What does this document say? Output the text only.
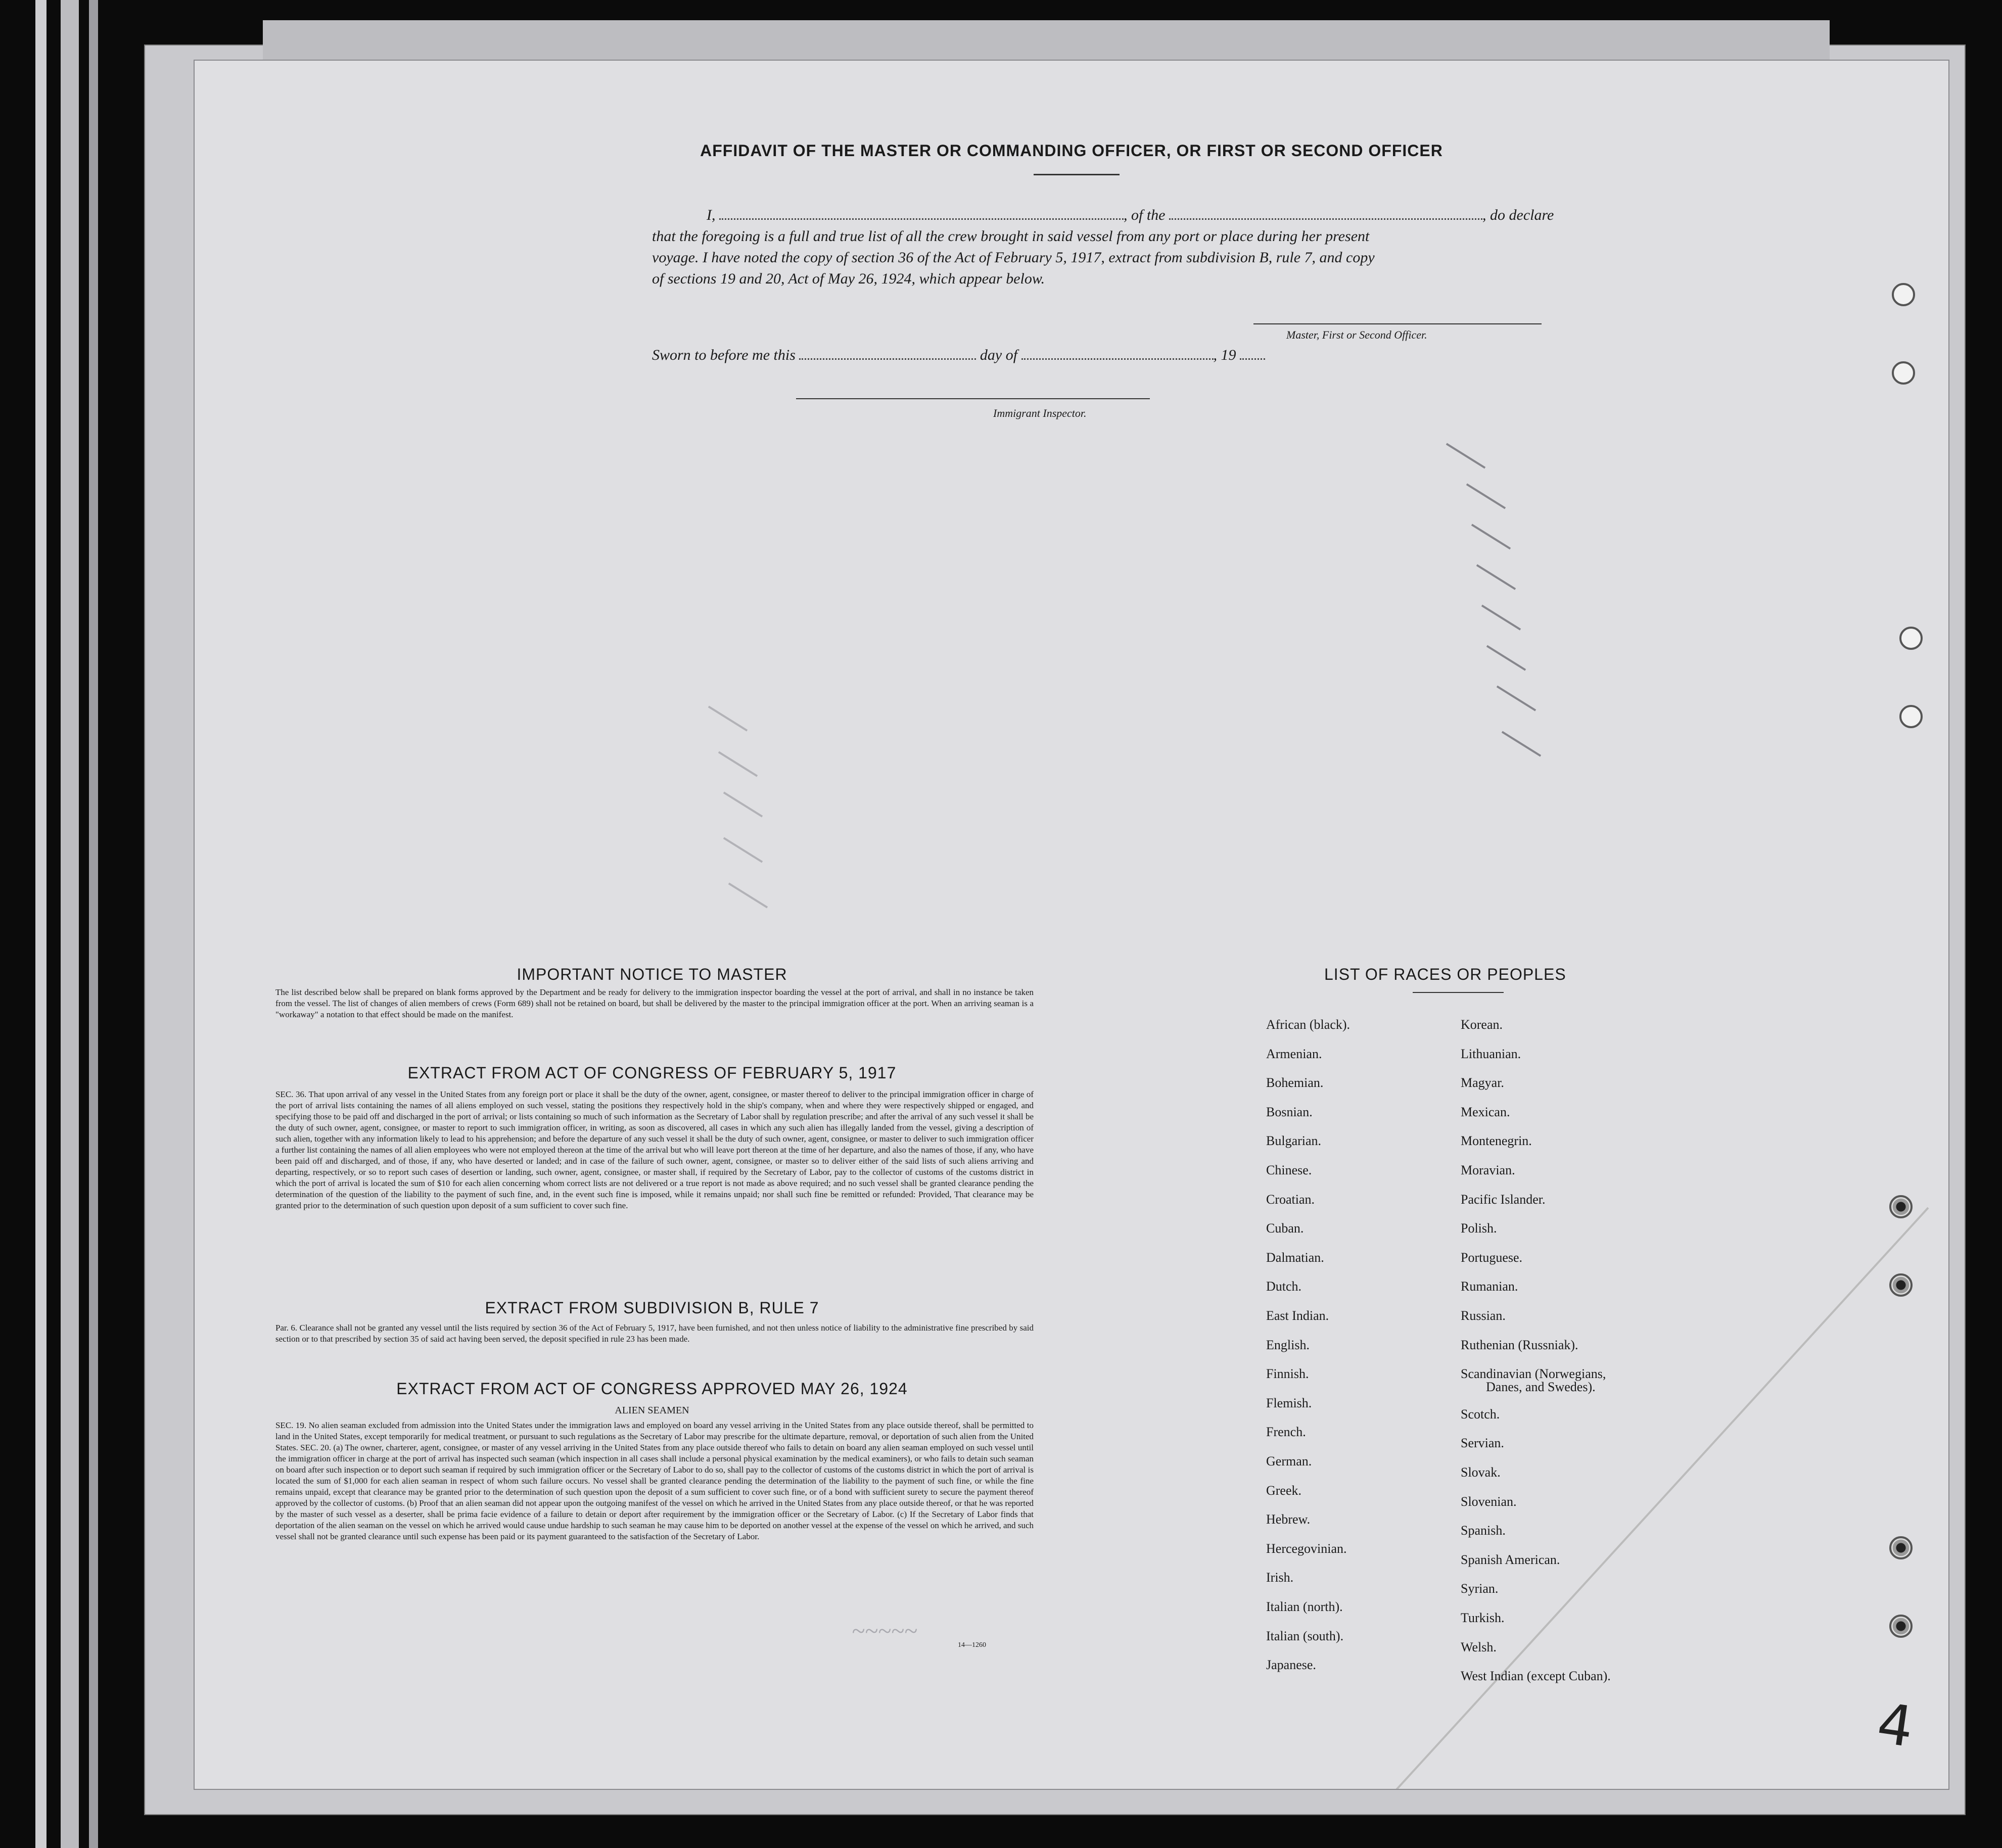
AFFIDAVIT OF THE MASTER OR COMMANDING OFFICER, OR FIRST OR SECOND OFFICER
I,	, of the	, do declare
that the foregoing is a full and true list of all the crew brought in said vessel from any port or place during her present
voyage. I have noted the copy of section 36 of the Act of February 5, 1917, extract from subdivision B, rule 7, and copy
of sections 19 and 20, Act of May 26, 1924, which appear below.
Master, First or Second Officer.
Sworn to before me this	day of	, 19
Immigrant Inspector.
IMPORTANT NOTICE TO MASTER
The list described below shall be prepared on blank forms approved by the Department and be ready for delivery to the immigration inspector boarding the vessel at the port of arrival, and shall in no instance be taken from the vessel. The list of changes of alien members of crews (Form 689) shall not be retained on board, but shall be delivered by the master to the principal immigration officer at the port. When an arriving seaman is a "workaway" a notation to that effect should be made on the manifest.
EXTRACT FROM ACT OF CONGRESS OF FEBRUARY 5, 1917
SEC. 36. That upon arrival of any vessel in the United States from any foreign port or place it shall be the duty of the owner, agent, consignee, or master thereof to deliver to the principal immigration officer in charge of the port of arrival lists containing the names of all aliens employed on such vessel, stating the positions they respectively hold in the ship's company, when and where they were respectively shipped or engaged, and specifying those to be paid off and discharged in the port of arrival; or lists containing so much of such information as the Secretary of Labor shall by regulation prescribe; and after the arrival of any such vessel it shall be the duty of such owner, agent, consignee, or master to report to such immigration officer, in writing, as soon as discovered, all cases in which any such alien has illegally landed from the vessel, giving a description of such alien, together with any information likely to lead to his apprehension; and before the departure of any such vessel it shall be the duty of such owner, agent, consignee, or master to deliver to such immigration officer a further list containing the names of all alien employees who were not employed thereon at the time of the arrival but who will leave port thereon at the time of her departure, and also the names of those, if any, who have been paid off and discharged, and of those, if any, who have deserted or landed; and in case of the failure of such owner, agent, consignee, or master so to deliver either of the said lists of such aliens arriving and departing, respectively, or so to report such cases of desertion or landing, such owner, agent, consignee, or master shall, if required by the Secretary of Labor, pay to the collector of customs of the customs district in which the port of arrival is located the sum of $10 for each alien concerning whom correct lists are not delivered or a true report is not made as above required; and no such vessel shall be granted clearance pending the determination of the question of the liability to the payment of such fine, and, in the event such fine is imposed, while it remains unpaid; nor shall such fine be remitted or refunded: Provided, That clearance may be granted prior to the determination of such question upon deposit of a sum sufficient to cover such fine.
EXTRACT FROM SUBDIVISION B, RULE 7
Par. 6. Clearance shall not be granted any vessel until the lists required by section 36 of the Act of February 5, 1917, have been furnished, and not then unless notice of liability to the administrative fine prescribed by said section or to that prescribed by section 35 of said act having been served, the deposit specified in rule 23 has been made.
EXTRACT FROM ACT OF CONGRESS APPROVED MAY 26, 1924
ALIEN SEAMEN
SEC. 19. No alien seaman excluded from admission into the United States under the immigration laws and employed on board any vessel arriving in the United States from any place outside thereof, shall be permitted to land in the United States, except temporarily for medical treatment, or pursuant to such regulations as the Secretary of Labor may prescribe for the ultimate departure, removal, or deportation of such alien from the United States. SEC. 20. (a) The owner, charterer, agent, consignee, or master of any vessel arriving in the United States from any place outside thereof who fails to detain on board any alien seaman employed on such vessel until the immigration officer in charge at the port of arrival has inspected such seaman (which inspection in all cases shall include a personal physical examination by the medical examiners), or who fails to detain such seaman on board after such inspection or to deport such seaman if required by such immigration officer or the Secretary of Labor to do so, shall pay to the collector of customs of the customs district in which the port of arrival is located the sum of $1,000 for each alien seaman in respect of whom such failure occurs. No vessel shall be granted clearance pending the determination of the liability to the payment of such fine, or while the fine remains unpaid, except that clearance may be granted prior to the determination of such question upon the deposit of a sum sufficient to cover such fine, or of a bond with sufficient surety to secure the payment thereof approved by the collector of customs. (b) Proof that an alien seaman did not appear upon the outgoing manifest of the vessel on which he arrived in the United States from any place outside thereof, or that he was reported by the master of such vessel as a deserter, shall be prima facie evidence of a failure to detain or deport after requirement by the immigration officer or the Secretary of Labor. (c) If the Secretary of Labor finds that deportation of the alien seaman on the vessel on which he arrived would cause undue hardship to such seaman he may cause him to be deported on another vessel at the expense of the vessel on which he arrived, and such vessel shall not be granted clearance until such expense has been paid or its payment guaranteed to the satisfaction of the Secretary of Labor.
14—1260
~~~~~
LIST OF RACES OR PEOPLES
4
African (black).
Armenian.
Bohemian.
Bosnian.
Bulgarian.
Chinese.
Croatian.
Cuban.
Dalmatian.
Dutch.
East Indian.
English.
Finnish.
Flemish.
French.
German.
Greek.
Hebrew.
Hercegovinian.
Irish.
Italian (north).
Italian (south).
Japanese.
Korean.
Lithuanian.
Magyar.
Mexican.
Montenegrin.
Moravian.
Pacific Islander.
Polish.
Portuguese.
Rumanian.
Russian.
Ruthenian (Russniak).
Scandinavian (Norwegians,
Scotch.
Servian.
Slovak.
Slovenian.
Spanish.
Spanish American.
Syrian.
Turkish.
Welsh.
West Indian (except Cuban).
Danes, and Swedes).
